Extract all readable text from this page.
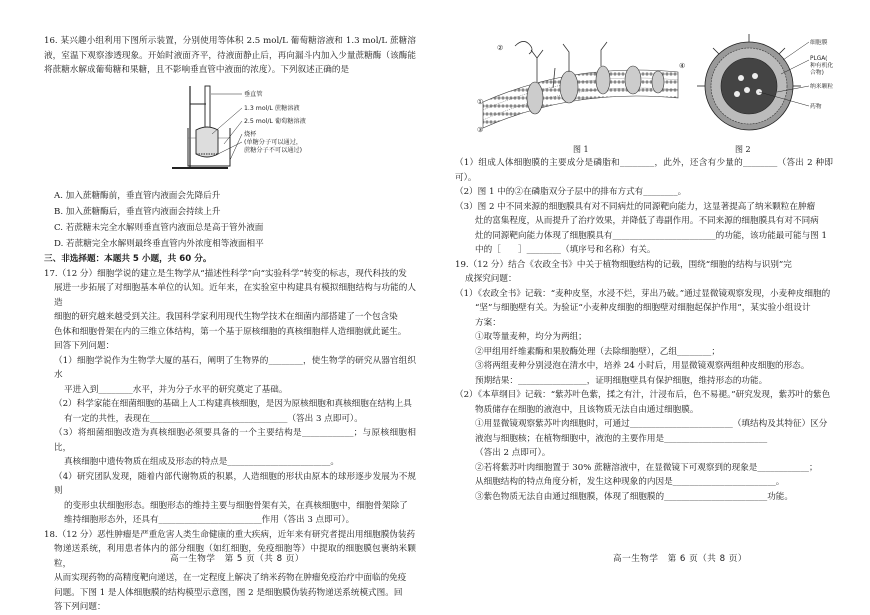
16. 某兴趣小组利用下图所示装置，分别使用等体积 2.5 mol/L 葡萄糖溶液和 1.3 mol/L 蔗糖溶液，室温下观察渗透现象。开始时液面齐平，待液面静止后，再向漏斗内加入少量蔗糖酶（该酶能将蔗糖水解成葡萄糖和果糖，且不影响垂直管中液面的浓度）。下列叙述正确的是

A. 加入蔗糖酶前，垂直管内液面会先降后升

B. 加入蔗糖酶后，垂直管内液面会持续上升

C. 若蔗糖未完全水解则垂直管内液面总是高于管外液面

D. 若蔗糖完全水解则最终垂直管内外浓度相等液面相平

三、非选择题：本题共 5 小题，共 60 分。

17.（12 分）细胞学说的建立是生物学从“描述性科学”向“实验科学”转变的标志，现代科技的发

展进一步拓展了对细胞基本单位的认知。近年来，在实验室中构建具有模拟细胞结构与功能的人造

细胞的研究越来越受到关注。我国科学家利用现代生物学技术在细菌内部搭建了一个包含染

色体和细胞骨架在内的三维立体结构，第一个基于原核细胞的真核细胞样人造细胞就此诞生。

回答下列问题：

（1）细胞学说作为生物学大厦的基石，阐明了生物界的________，使生物学的研究从器官组织水

平进入到________水平，并为分子水平的研究奠定了基础。

（2）科学家能在细菌细胞的基础上人工构建真核细胞，是因为原核细胞和真核细胞在结构上具

有一定的共性，表现在________________________________（答出 3 点即可）。

（3）将细菌细胞改造为真核细胞必须要具备的一个主要结构是____________；与原核细胞相比，

真核细胞中遗传物质在组成及形态的特点是________________________。

（4）研究团队发现，随着内部代谢物质的积累，人造细胞的形状由原本的球形逐步发展为不规则

的变形虫状细胞形态。细胞形态的维持主要与细胞骨架有关，在真核细胞中，细胞骨架除了

维持细胞形态外，还具有________________________作用（答出 3 点即可）。

18.（12 分）恶性肿瘤是严重危害人类生命健康的重大疾病，近年来有研究者提出用细胞膜伪装药

物递送系统，利用患者体内的部分细胞（如红细胞，免疫细胞等）中提取的细胞膜包裹纳米颗粒，

从而实现药物的高精度靶向递送，在一定程度上解决了纳米药物在肿瘤免疫治疗中面临的免疫

问题。下图 1 是人体细胞膜的结构模型示意图，图 2 是细胞膜伪装药物递送系统模式图。回

答下列问题：

垂直管
1.3 mol/L 蔗糖溶液
2.5 mol/L 葡萄糖溶液
烧杯
(单糖分子可以通过，
蔗糖分子不可以通过)
高一生物学　第 5 页（共 8 页）
①
②
③
④
图 1
细胞膜
PLGA(
种有机化
合物)
纳米颗粒
药物
图 2

（1）组成人体细胞膜的主要成分是磷脂和________，此外，还含有少量的________（答出 2 种即可）。

（2）图 1 中的②在磷脂双分子层中的排布方式有________。

（3）图 2 中不同来源的细胞膜具有对不同病灶的同源靶向能力，这显著提高了纳米颗粒在肿瘤

灶的富集程度，从而提升了治疗效果，并降低了毒副作用。不同来源的细胞膜具有对不同病

灶的同源靶向能力体现了细胞膜具有________________________的功能，该功能最可能与图 1

中的［　　］________（填序号和名称）有关。

19.（12 分）结合《农政全书》中关于植物细胞结构的记载，围绕“细胞的结构与识别”完

成探究问题：

（1）《农政全书》记载：“麦种皮坚，水浸不烂，芽出乃破。”通过显微镜观察发现，小麦种皮细胞的

“坚”与细胞壁有关。为验证“小麦种皮细胞的细胞壁对细胞起保护作用”，某实验小组设计

方案：

①取等量麦种，均分为两组；

②甲组用纤维素酶和果胶酶处理（去除细胞壁），乙组________；

③将两组麦种分别浸泡在清水中，培养 24 小时后，用显微镜观察两组种皮细胞的形态。

预期结果：________________，证明细胞壁具有保护细胞，维持形态的功能。

（2）《本草纲目》记载：“紫苏叶色紫，揉之有汁，汁浸布后，色不易褪。”研究发现，紫苏叶的紫色

物质储存在细胞的液泡中，且该物质无法自由通过细胞膜。

①用显微镜观察紫苏叶肉细胞时，可通过________________________（填结构及其特征）区分

液泡与细胞核；在植物细胞中，液泡的主要作用是________________________

（答出 2 点即可）。

②若将紫苏叶肉细胞置于 30% 蔗糖溶液中，在显微镜下可观察到的现象是____________；

从细胞结构的特点角度分析，发生这种现象的内因是________________________。

③紫色物质无法自由通过细胞膜，体现了细胞膜的________________________功能。

高一生物学　第 6 页（共 8 页）
